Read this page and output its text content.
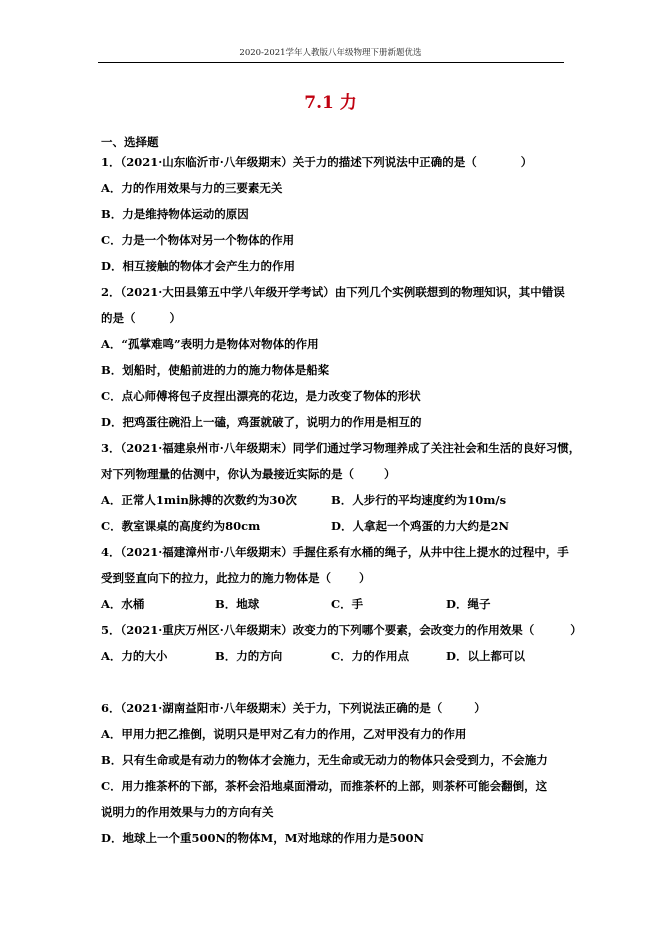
2020-2021学年人教版八年级物理下册新题优选
7.1 力
一、选择题
1．（2021·山东临沂市·八年级期末）关于力的描述下列说法中正确的是（	）
A．力的作用效果与力的三要素无关
B．力是维持物体运动的原因
C．力是一个物体对另一个物体的作用
D．相互接触的物体才会产生力的作用
2．（2021·大田县第五中学八年级开学考试）由下列几个实例联想到的物理知识，其中错误
的是（	）
A．“孤掌难鸣”表明力是物体对物体的作用
B．划船时，使船前进的力的施力物体是船桨
C．点心师傅将包子皮捏出漂亮的花边，是力改变了物体的形状
D．把鸡蛋往碗沿上一磕，鸡蛋就破了，说明力的作用是相互的
3．（2021·福建泉州市·八年级期末）同学们通过学习物理养成了关注社会和生活的良好习惯，
对下列物理量的估测中，你认为最接近实际的是（	）
A．正常人1min脉搏的次数约为30次	B．人步行的平均速度约为10m/s
C．教室课桌的高度约为80cm	D．人拿起一个鸡蛋的力大约是2N
4．（2021·福建漳州市·八年级期末）手握住系有水桶的绳子，从井中往上提水的过程中，手
受到竖直向下的拉力，此拉力的施力物体是（ ）
A．水桶	B．地球	C．手	D．绳子
5．（2021·重庆万州区·八年级期末）改变力的下列哪个要素，会改变力的作用效果（	）
A．力的大小	B．力的方向	C．力的作用点	D．以上都可以
6．（2021·湖南益阳市·八年级期末）关于力，下列说法正确的是（	）
A．甲用力把乙推倒，说明只是甲对乙有力的作用，乙对甲没有力的作用
B．只有生命或是有动力的物体才会施力，无生命或无动力的物体只会受到力，不会施力
C．用力推茶杯的下部，茶杯会沿地桌面滑动，而推茶杯的上部，则茶杯可能会翻倒，这
说明力的作用效果与力的方向有关
D．地球上一个重500N的物体M，M对地球的作用力是500N
